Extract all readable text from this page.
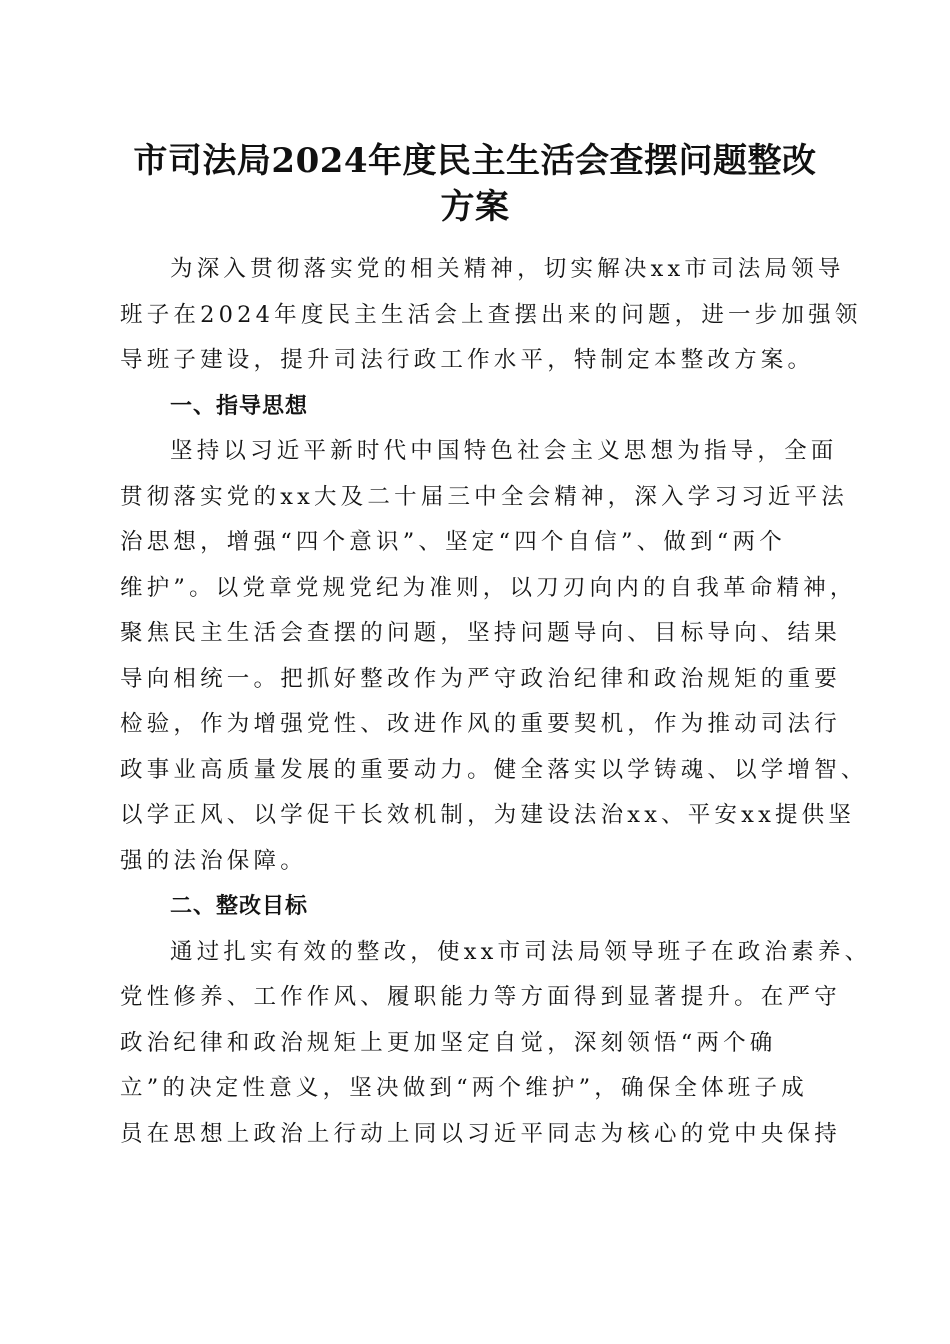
市司法局2024年度民主生活会查摆问题整改
方案
为深入贯彻落实党的相关精神，切实解决xx市司法局领导
班子在2024年度民主生活会上查摆出来的问题，进一步加强领
导班子建设，提升司法行政工作水平，特制定本整改方案。
一、指导思想
坚持以习近平新时代中国特色社会主义思想为指导，全面
贯彻落实党的xx大及二十届三中全会精神，深入学习习近平法
治思想，增强“四个意识”、坚定“四个自信”、做到“两个
维护”。以党章党规党纪为准则，以刀刃向内的自我革命精神，
聚焦民主生活会查摆的问题，坚持问题导向、目标导向、结果
导向相统一。把抓好整改作为严守政治纪律和政治规矩的重要
检验，作为增强党性、改进作风的重要契机，作为推动司法行
政事业高质量发展的重要动力。健全落实以学铸魂、以学增智、
以学正风、以学促干长效机制，为建设法治xx、平安xx提供坚
强的法治保障。
二、整改目标
通过扎实有效的整改，使xx市司法局领导班子在政治素养、
党性修养、工作作风、履职能力等方面得到显著提升。在严守
政治纪律和政治规矩上更加坚定自觉，深刻领悟“两个确
立”的决定性意义，坚决做到“两个维护”，确保全体班子成
员在思想上政治上行动上同以习近平同志为核心的党中央保持
